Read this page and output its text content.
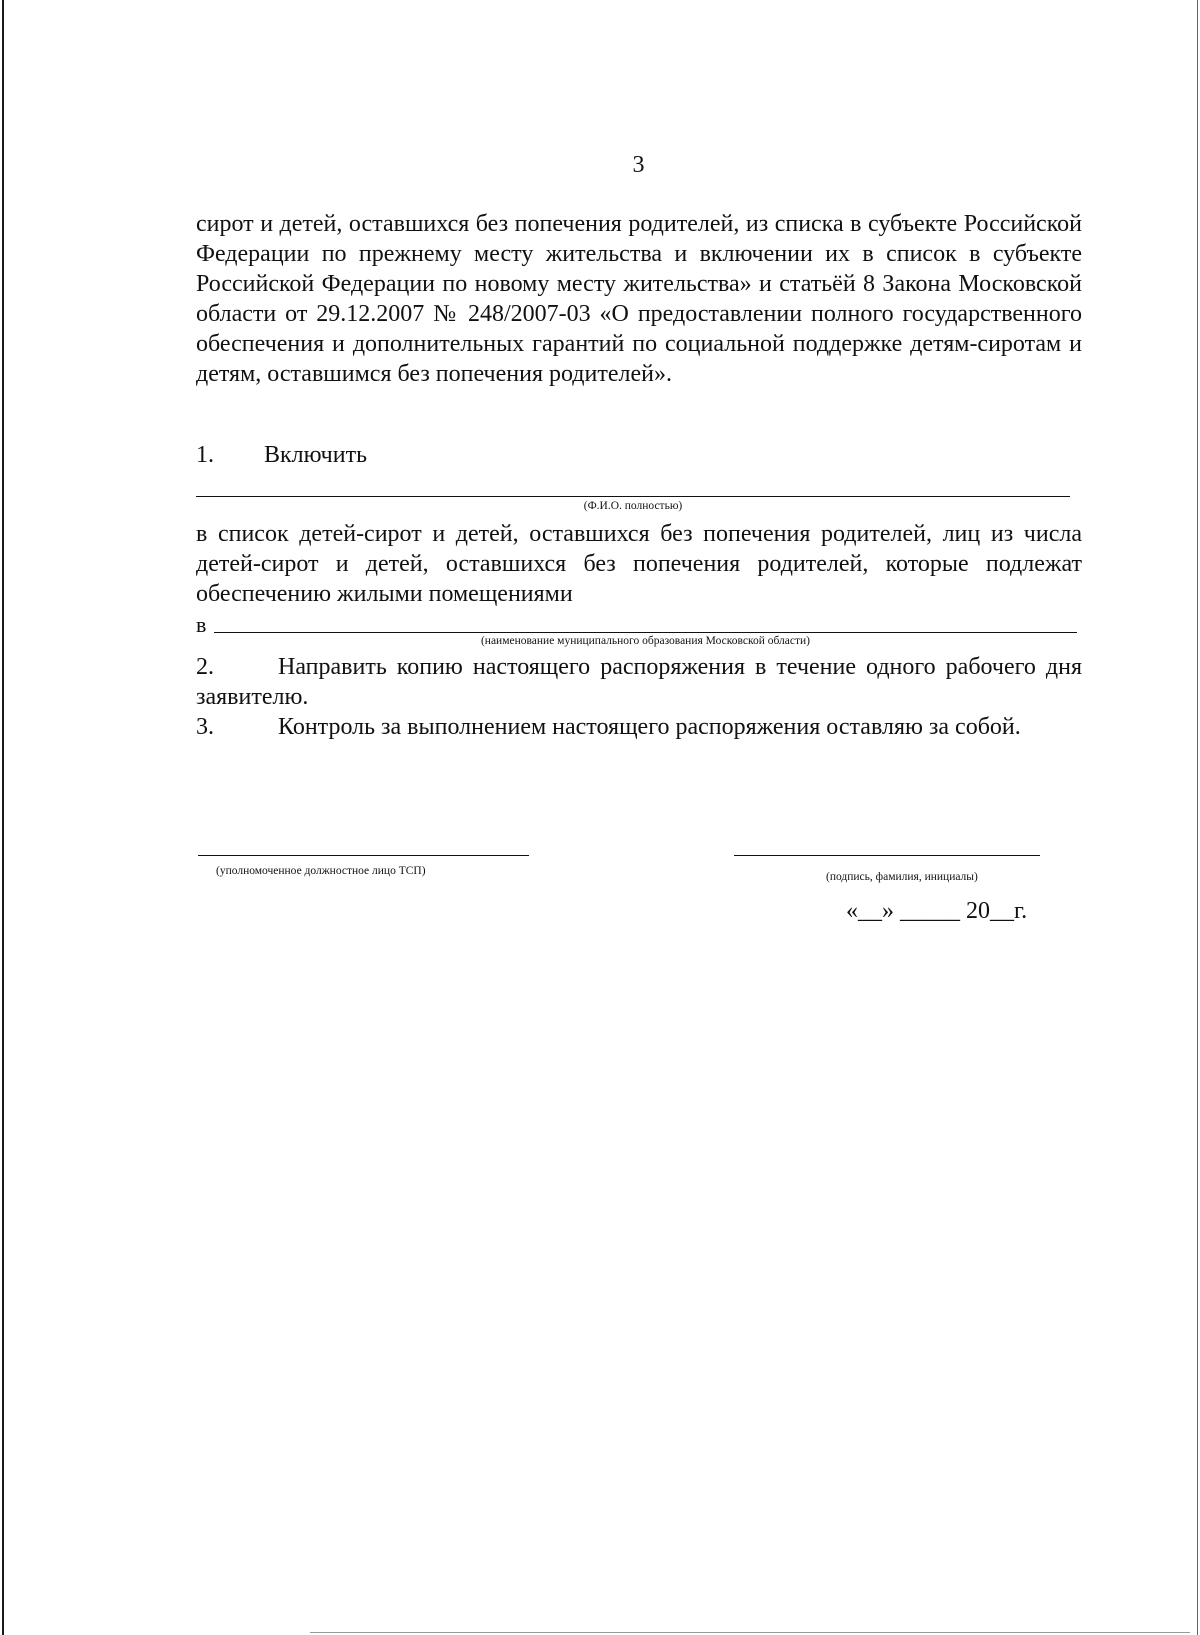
3
сирот и детей, оставшихся без попечения родителей, из списка в субъекте Российской Федерации по прежнему месту жительства и включении их в список в субъекте Российской Федерации по новому месту жительства» и статьёй 8 Закона Московской области от 29.12.2007 № 248/2007-03 «О предоставлении полного государственного обеспечения и дополнительных гарантий по социальной поддержке детям-сиротам и детям, оставшимся без попечения родителей».
1. Включить
(Ф.И.О. полностью)
в список детей-сирот и детей, оставшихся без попечения родителей, лиц из числа детей-сирот и детей, оставшихся без попечения родителей, которые подлежат обеспечению жилыми помещениями
в
(наименование муниципального образования Московской области)
2.	Направить копию настоящего распоряжения в течение одного рабочего дня заявителю.
3.	Контроль за выполнением настоящего распоряжения оставляю за собой.
(уполномоченное должностное лицо ТСП)	(подпись, фамилия, инициалы)
«__» _____ 20__г.
